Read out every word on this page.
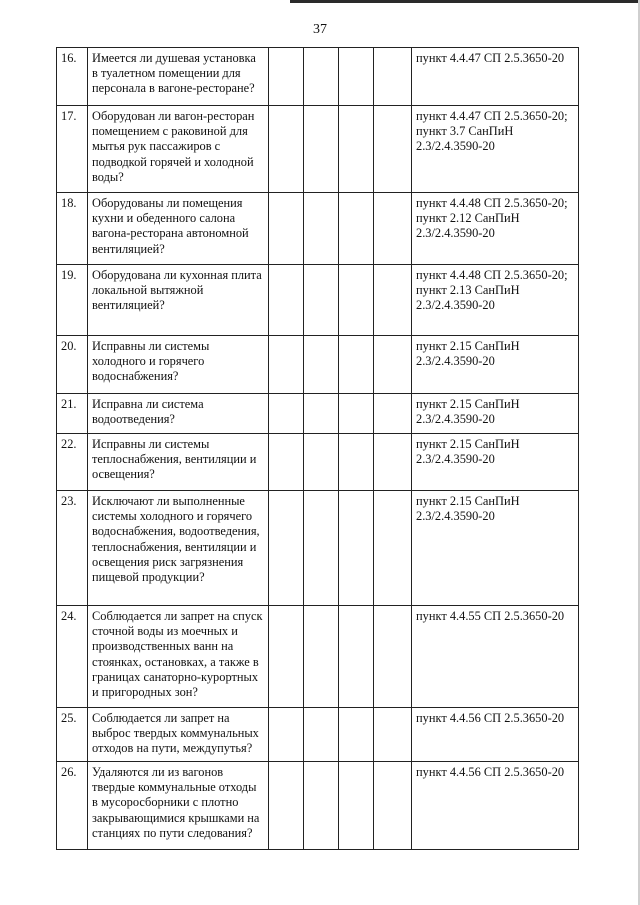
37
16.	Имеется ли душевая установка в туалетном помещении для персонала в вагоне-ресторане?					пункт 4.4.47 СП 2.5.3650-20
17.	Оборудован ли вагон-ресторан помещением с раковиной для мытья рук пассажиров с подводкой горячей и холодной воды?					пункт 4.4.47 СП 2.5.3650-20; пункт 3.7 СанПиН 2.3/2.4.3590-20
18.	Оборудованы ли помещения кухни и обеденного салона вагона-ресторана автономной вентиляцией?					пункт 4.4.48 СП 2.5.3650-20; пункт 2.12 СанПиН 2.3/2.4.3590-20
19.	Оборудована ли кухонная плита локальной вытяжной вентиляцией?					пункт 4.4.48 СП 2.5.3650-20; пункт 2.13 СанПиН 2.3/2.4.3590-20
20.	Исправны ли системы холодного и горячего водоснабжения?					пункт 2.15 СанПиН 2.3/2.4.3590-20
21.	Исправна ли система водоотведения?					пункт 2.15 СанПиН 2.3/2.4.3590-20
22.	Исправны ли системы теплоснабжения, вентиляции и освещения?					пункт 2.15 СанПиН 2.3/2.4.3590-20
23.	Исключают ли выполненные системы холодного и горячего водоснабжения, водоотведения, теплоснабжения, вентиляции и освещения риск загрязнения пищевой продукции?					пункт 2.15 СанПиН 2.3/2.4.3590-20
24.	Соблюдается ли запрет на спуск сточной воды из моечных и производственных ванн на стоянках, остановках, а также в границах санаторно-курортных и пригородных зон?					пункт 4.4.55 СП 2.5.3650-20
25.	Соблюдается ли запрет на выброс твердых коммунальных отходов на пути, междупутья?					пункт 4.4.56 СП 2.5.3650-20
26.	Удаляются ли из вагонов твердые коммунальные отходы в мусоросборники с плотно закрывающимися крышками на станциях по пути следования?					пункт 4.4.56 СП 2.5.3650-20
